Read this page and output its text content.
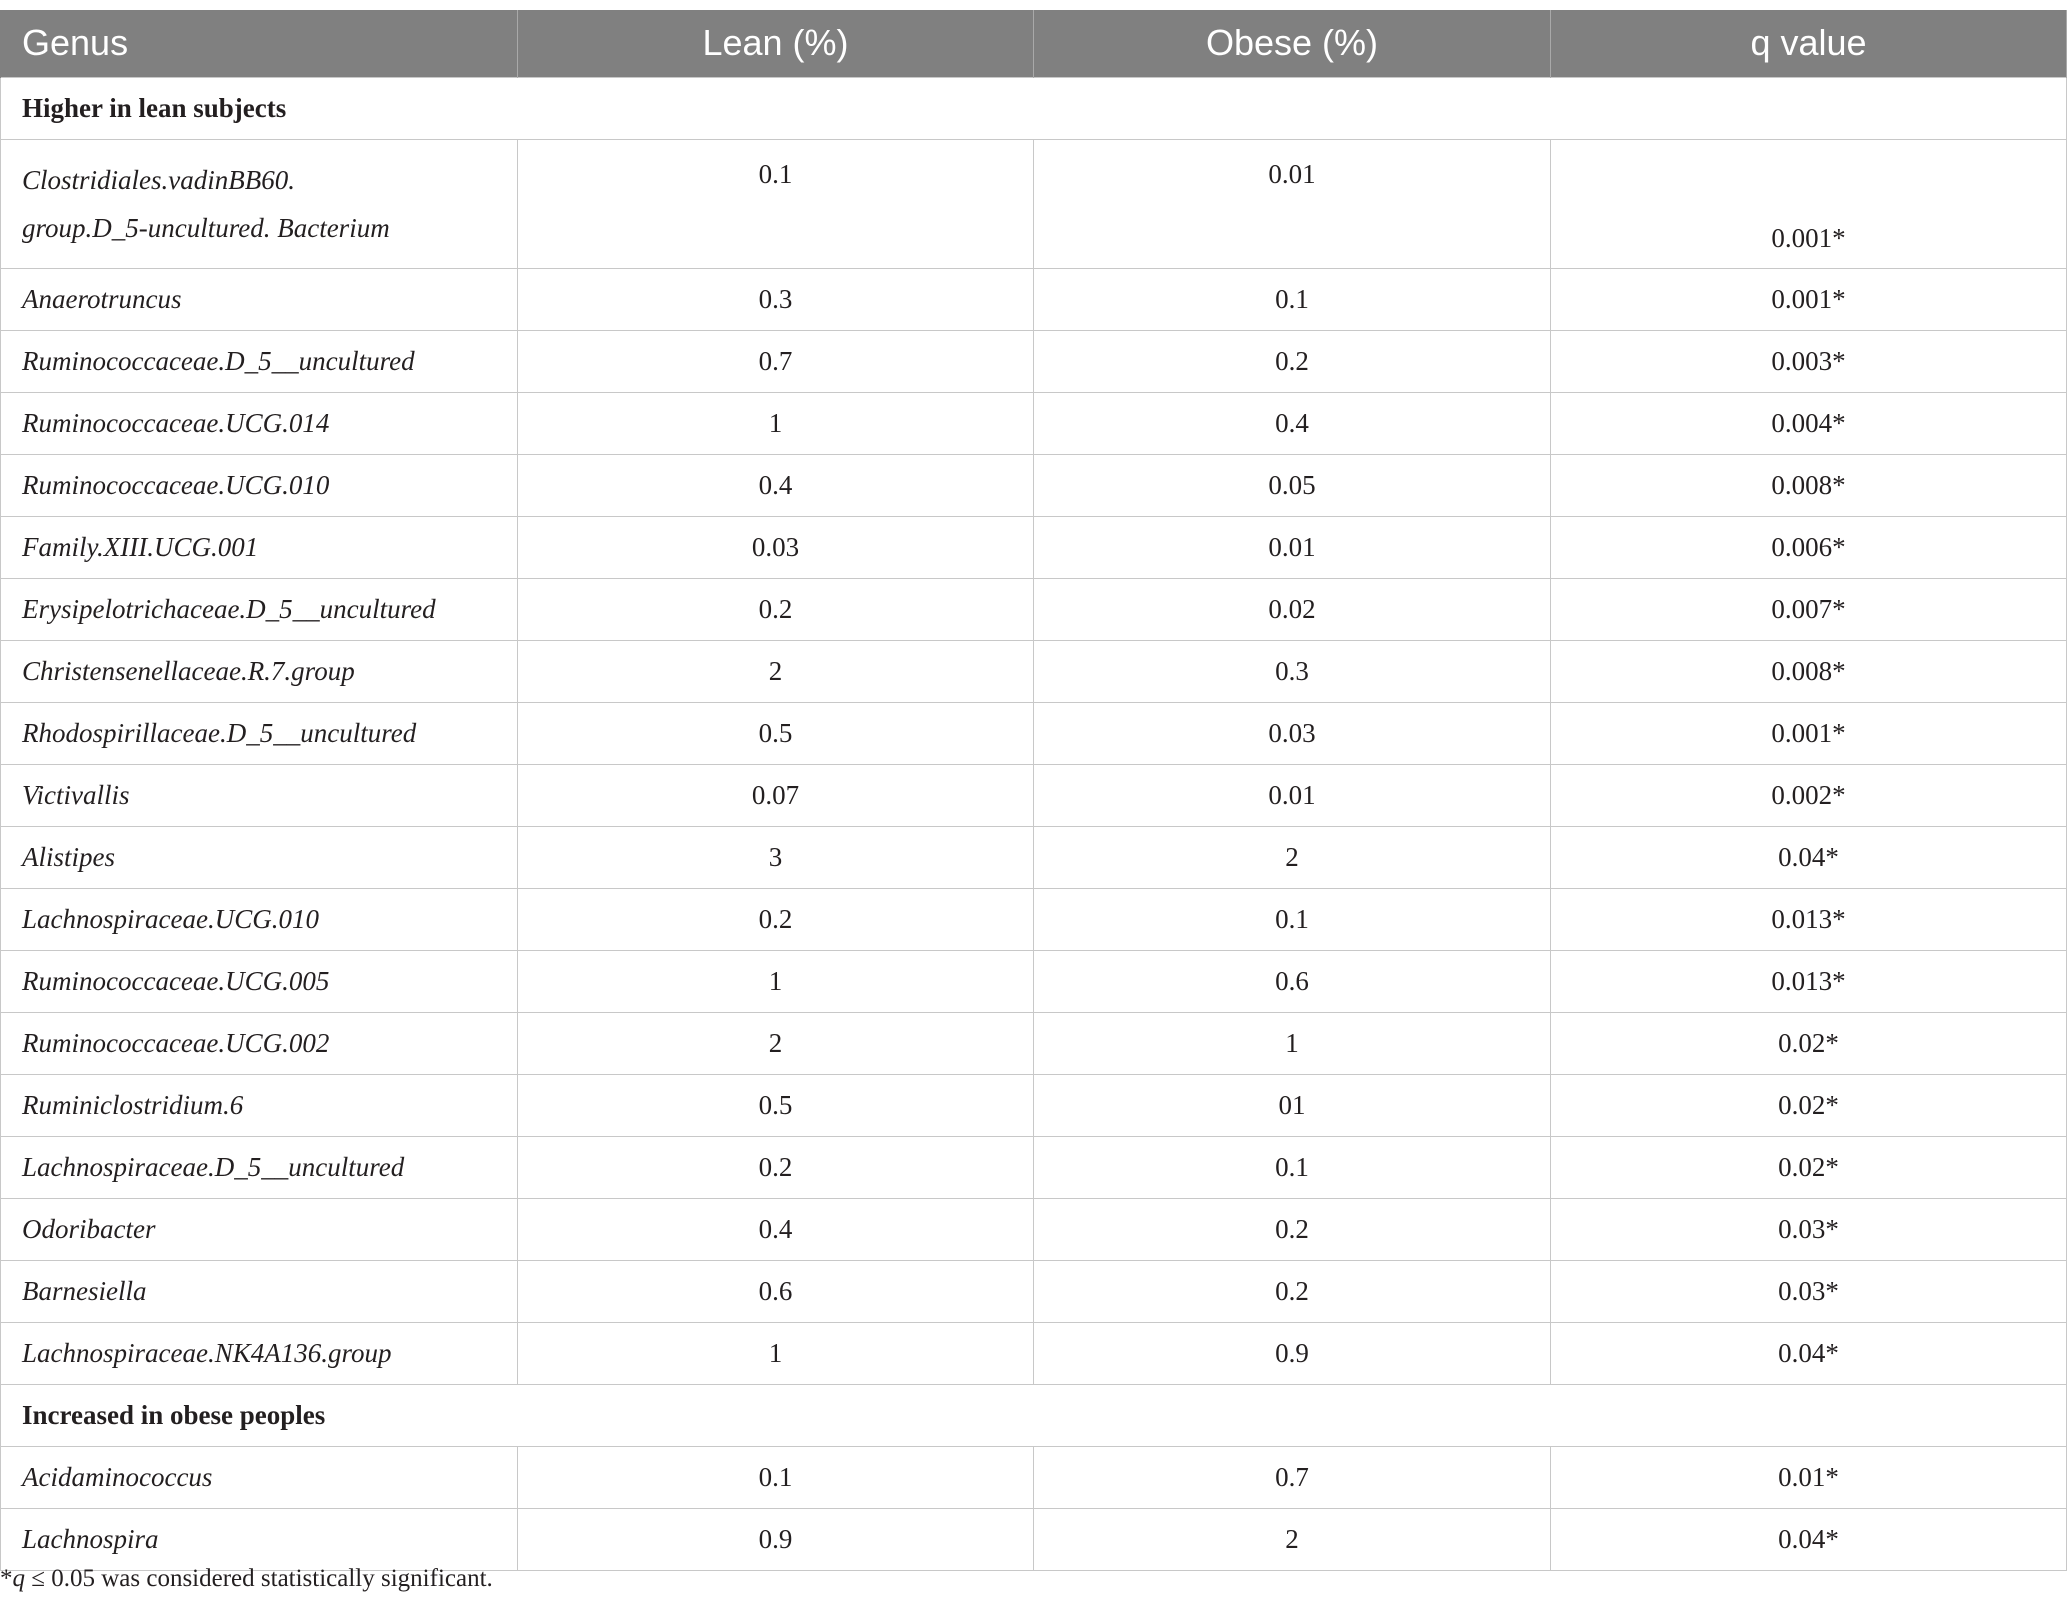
Genus	Lean (%)	Obese (%)	q value
Higher in lean subjects			
Clostridiales.vadinBB60.
group.D_5-uncultured. Bacterium	0.1	0.01	0.001*
Anaerotruncus	0.3	0.1	0.001*
Ruminococcaceae.D_5__uncultured	0.7	0.2	0.003*
Ruminococcaceae.UCG.014	1	0.4	0.004*
Ruminococcaceae.UCG.010	0.4	0.05	0.008*
Family.XIII.UCG.001	0.03	0.01	0.006*
Erysipelotrichaceae.D_5__uncultured	0.2	0.02	0.007*
Christensenellaceae.R.7.group	2	0.3	0.008*
Rhodospirillaceae.D_5__uncultured	0.5	0.03	0.001*
Victivallis	0.07	0.01	0.002*
Alistipes	3	2	0.04*
Lachnospiraceae.UCG.010	0.2	0.1	0.013*
Ruminococcaceae.UCG.005	1	0.6	0.013*
Ruminococcaceae.UCG.002	2	1	0.02*
Ruminiclostridium.6	0.5	01	0.02*
Lachnospiraceae.D_5__uncultured	0.2	0.1	0.02*
Odoribacter	0.4	0.2	0.03*
Barnesiella	0.6	0.2	0.03*
Lachnospiraceae.NK4A136.group	1	0.9	0.04*
Increased in obese peoples			
Acidaminococcus	0.1	0.7	0.01*
Lachnospira	0.9	2	0.04*
*q ≤ 0.05 was considered statistically significant.
